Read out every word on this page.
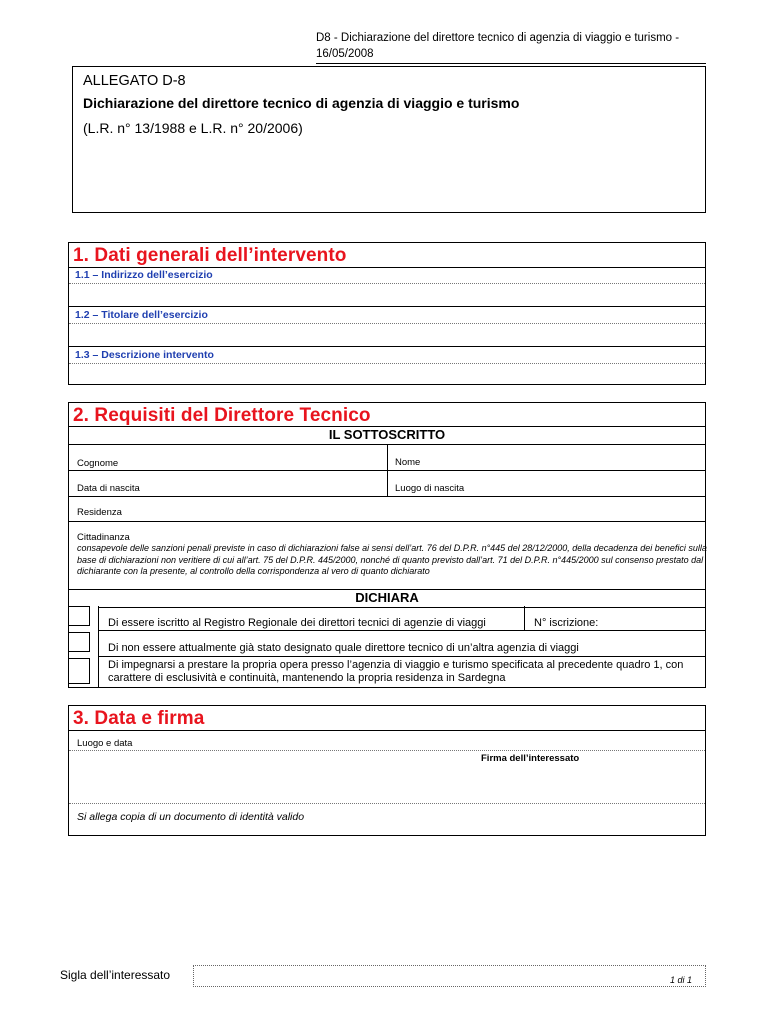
D8 - Dichiarazione del direttore tecnico di agenzia di viaggio e turismo - 16/05/2008
ALLEGATO D-8
Dichiarazione del direttore tecnico di agenzia di viaggio e turismo
(L.R. n° 13/1988 e L.R. n° 20/2006)
1. Dati generali dell’intervento
1.1 – Indirizzo dell’esercizio
1.2 – Titolare dell’esercizio
1.3 – Descrizione intervento
2. Requisiti del Direttore Tecnico
IL SOTTOSCRITTO
Cognome	Nome
Data di nascita	Luogo di nascita
Residenza
Cittadinanza
consapevole delle sanzioni penali previste in caso di dichiarazioni false ai sensi dell’art. 76 del D.P.R. n°445 del 28/12/2000, della decadenza dei benefici sulla base di dichiarazioni non veritiere di cui all’art. 75 del D.P.R. 445/2000, nonché di quanto previsto dall’art. 71 del D.P.R. n°445/2000 sul consenso prestato dal dichiarante con la presente, al controllo della corrispondenza al vero di quanto dichiarato
DICHIARA
Di essere iscritto al Registro Regionale dei direttori tecnici di agenzie di viaggi	N° iscrizione:
Di non essere attualmente già stato designato quale direttore tecnico di un’altra agenzia di viaggi
Di impegnarsi a prestare la propria opera presso l’agenzia di viaggio e turismo specificata al precedente quadro 1, con carattere di esclusività e continuità, mantenendo la propria residenza in Sardegna
3. Data e firma
Luogo e data
Firma dell’interessato
Si allega copia di un documento di identità valido
Sigla dell’interessato	1 di 1
